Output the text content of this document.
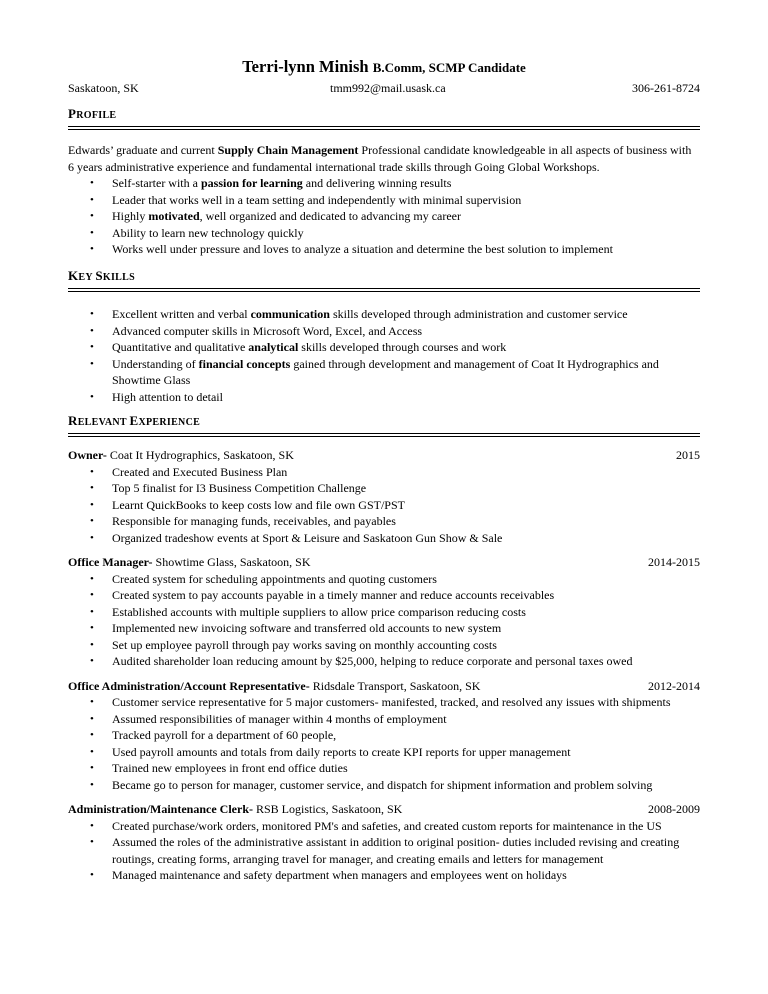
Terri-lynn Minish B.Comm, SCMP Candidate
Saskatoon, SK	tmm992@mail.usask.ca	306-261-8724
PROFILE

Edwards’ graduate and current Supply Chain Management Professional candidate knowledgeable in all aspects of business with 6 years administrative experience and fundamental international trade skills through Going Global Workshops.

• Self-starter with a passion for learning and delivering winning results
• Leader that works well in a team setting and independently with minimal supervision
• Highly motivated, well organized and dedicated to advancing my career
• Ability to learn new technology quickly
• Works well under pressure and loves to analyze a situation and determine the best solution to implement
KEY SKILLS
• Excellent written and verbal communication skills developed through administration and customer service
• Advanced computer skills in Microsoft Word, Excel, and Access
• Quantitative and qualitative analytical skills developed through courses and work
• Understanding of financial concepts gained through development and management of Coat It Hydrographics and Showtime Glass
• High attention to detail
RELEVANT EXPERIENCE
Owner- Coat It Hydrographics, Saskatoon, SK	2015
• Created and Executed Business Plan
• Top 5 finalist for I3 Business Competition Challenge
• Learnt QuickBooks to keep costs low and file own GST/PST
• Responsible for managing funds, receivables, and payables
• Organized tradeshow events at Sport & Leisure and Saskatoon Gun Show & Sale
Office Manager- Showtime Glass, Saskatoon, SK	2014-2015
• Created system for scheduling appointments and quoting customers
• Created system to pay accounts payable in a timely manner and reduce accounts receivables
• Established accounts with multiple suppliers to allow price comparison reducing costs
• Implemented new invoicing software and transferred old accounts to new system
• Set up employee payroll through pay works saving on monthly accounting costs
• Audited shareholder loan reducing amount by $25,000, helping to reduce corporate and personal taxes owed
Office Administration/Account Representative- Ridsdale Transport, Saskatoon, SK	2012-2014
• Customer service representative for 5 major customers- manifested, tracked, and resolved any issues with shipments
• Assumed responsibilities of manager within 4 months of employment
• Tracked payroll for a department of 60 people,
• Used payroll amounts and totals from daily reports to create KPI reports for upper management
• Trained new employees in front end office duties
• Became go to person for manager, customer service, and dispatch for shipment information and problem solving
Administration/Maintenance Clerk- RSB Logistics, Saskatoon, SK	2008-2009
• Created purchase/work orders, monitored PM's and safeties, and created custom reports for maintenance in the US
• Assumed the roles of the administrative assistant in addition to original position- duties included revising and creating routings, creating forms, arranging travel for manager, and creating emails and letters for management
• Managed maintenance and safety department when managers and employees went on holidays
